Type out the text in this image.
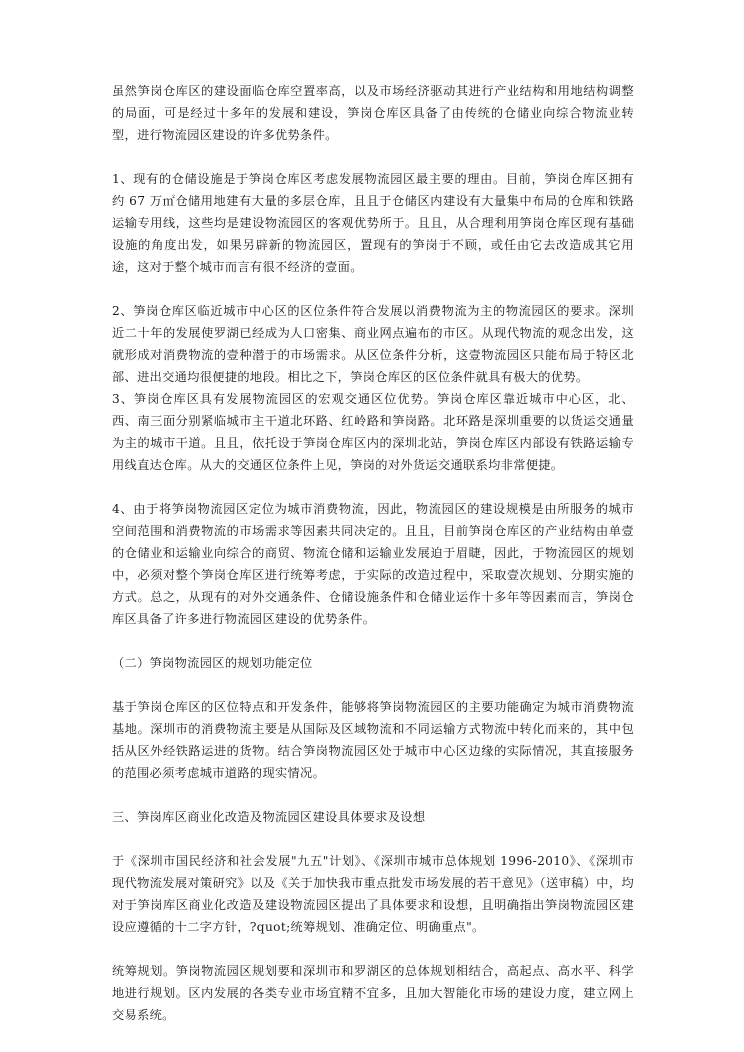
虽然笋岗仓库区的建设面临仓库空置率高，以及市场经济驱动其进行产业结构和用地结构调整的局面，可是经过十多年的发展和建设，笋岗仓库区具备了由传统的仓储业向综合物流业转型，进行物流园区建设的许多优势条件。

1、现有的仓储设施是于笋岗仓库区考虑发展物流园区最主要的理由。目前，笋岗仓库区拥有约 67 万㎡仓储用地建有大量的多层仓库，且且于仓储区内建设有大量集中布局的仓库和铁路运输专用线，这些均是建设物流园区的客观优势所于。且且，从合理利用笋岗仓库区现有基础设施的角度出发，如果另辟新的物流园区，置现有的笋岗于不顾，或任由它去改造成其它用途，这对于整个城市而言有很不经济的壹面。

2、笋岗仓库区临近城市中心区的区位条件符合发展以消费物流为主的物流园区的要求。深圳近二十年的发展使罗湖已经成为人口密集、商业网点遍布的市区。从现代物流的观念出发，这就形成对消费物流的壹种潜于的市场需求。从区位条件分析，这壹物流园区只能布局于特区北部、进出交通均很便捷的地段。相比之下，笋岗仓库区的区位条件就具有极大的优势。

3、笋岗仓库区具有发展物流园区的宏观交通区位优势。笋岗仓库区靠近城市中心区，北、西、南三面分别紧临城市主干道北环路、红岭路和笋岗路。北环路是深圳重要的以货运交通量为主的城市干道。且且，依托设于笋岗仓库区内的深圳北站，笋岗仓库区内部设有铁路运输专用线直达仓库。从大的交通区位条件上见，笋岗的对外货运交通联系均非常便捷。

4、由于将笋岗物流园区定位为城市消费物流，因此，物流园区的建设规模是由所服务的城市空间范围和消费物流的市场需求等因素共同决定的。且且，目前笋岗仓库区的产业结构由单壹的仓储业和运输业向综合的商贸、物流仓储和运输业发展迫于眉睫，因此，于物流园区的规划中，必须对整个笋岗仓库区进行统筹考虑，于实际的改造过程中，采取壹次规划、分期实施的方式。总之，从现有的对外交通条件、仓储设施条件和仓储业运作十多年等因素而言，笋岗仓库区具备了许多进行物流园区建设的优势条件。

（二）笋岗物流园区的规划功能定位

基于笋岗仓库区的区位特点和开发条件，能够将笋岗物流园区的主要功能确定为城市消费物流基地。深圳市的消费物流主要是从国际及区域物流和不同运输方式物流中转化而来的，其中包括从区外经铁路运进的货物。结合笋岗物流园区处于城市中心区边缘的实际情况，其直接服务的范围必须考虑城市道路的现实情况。

三、笋岗库区商业化改造及物流园区建设具体要求及设想

于《深圳市国民经济和社会发展"九五"计划》、《深圳市城市总体规划 1996-2010》、《深圳市现代物流发展对策研究》以及《关于加快我市重点批发市场发展的若干意见》（送审稿）中，均对于笋岗库区商业化改造及建设物流园区提出了具体要求和设想，且明确指出笋岗物流园区建设应遵循的十二字方针，?quot;统筹规划、准确定位、明确重点"。

统筹规划。笋岗物流园区规划要和深圳市和罗湖区的总体规划相结合，高起点、高水平、科学地进行规划。区内发展的各类专业市场宜精不宜多，且加大智能化市场的建设力度，建立网上交易系统。
